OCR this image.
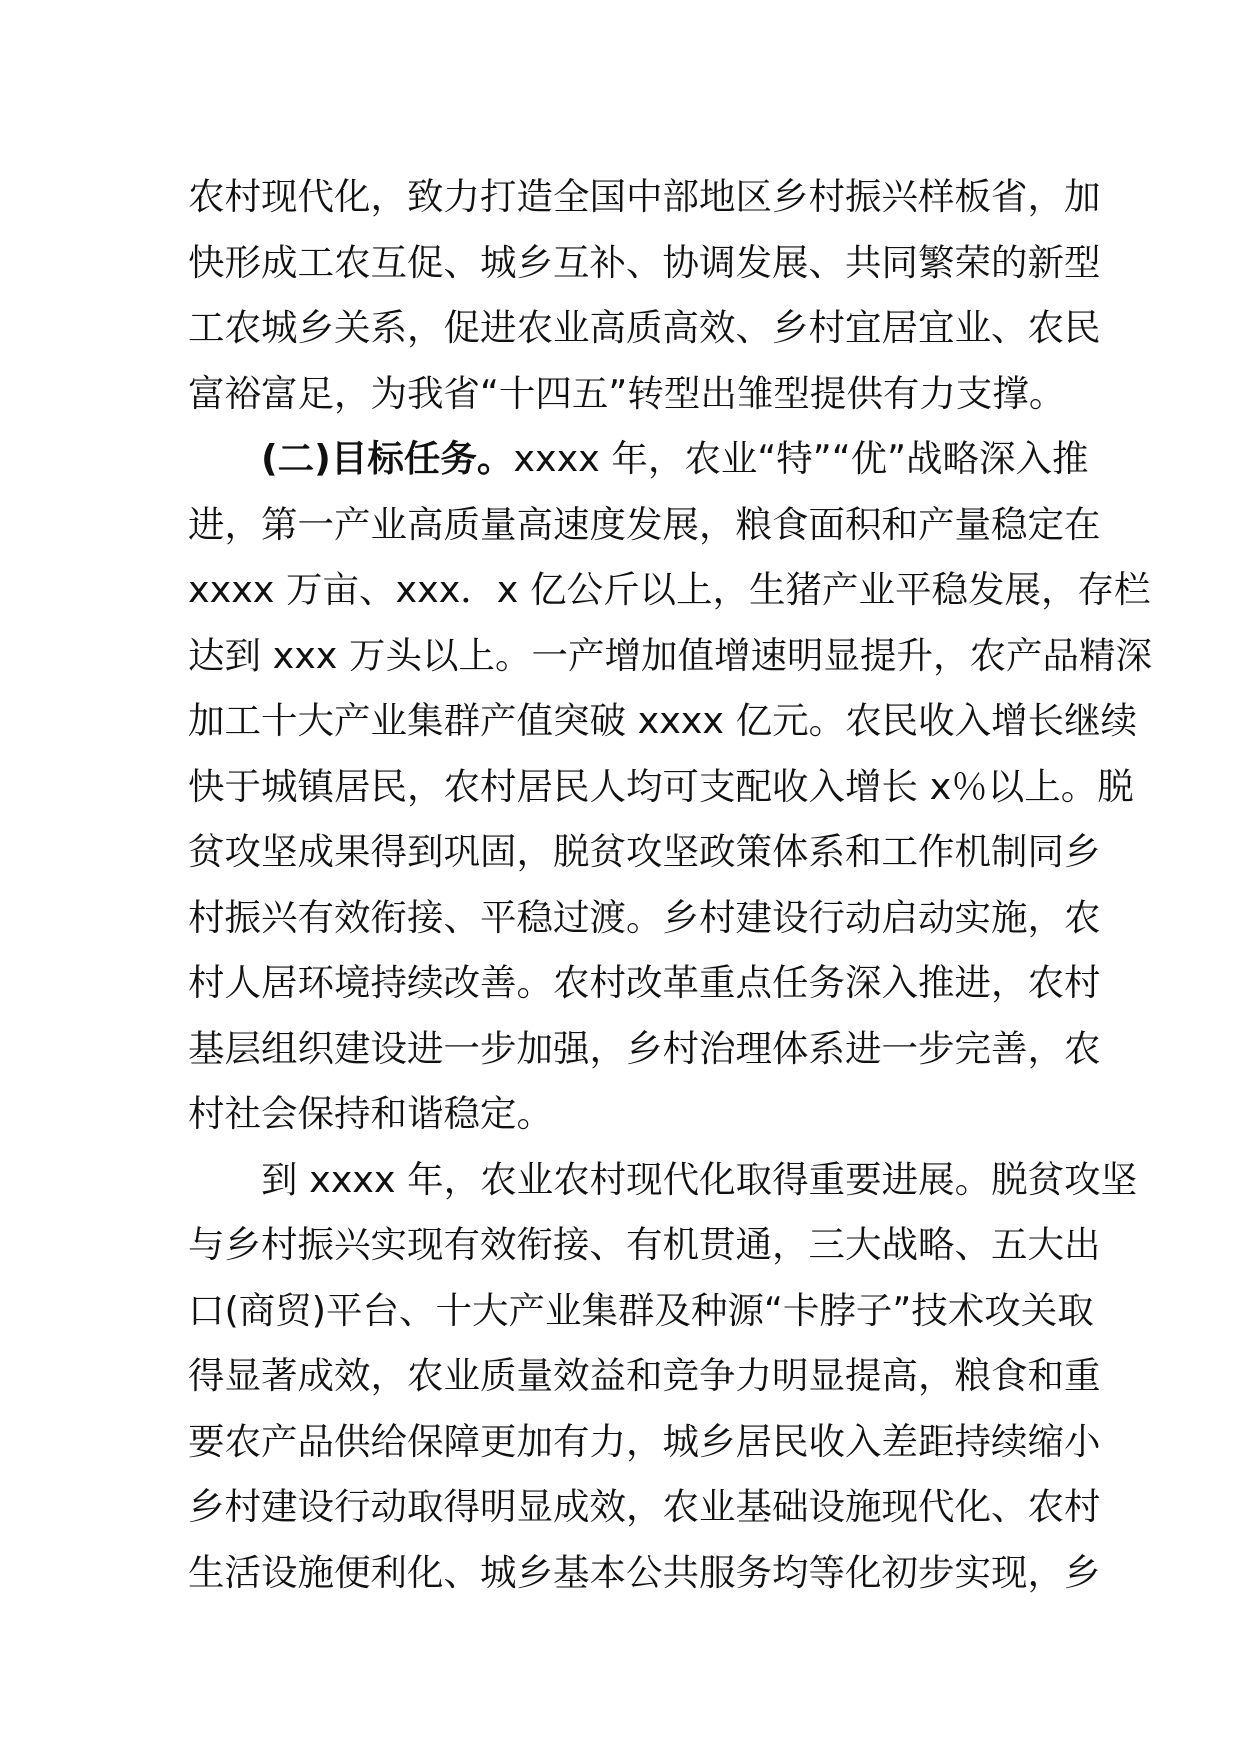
农村现代化，致力打造全国中部地区乡村振兴样板省，加
快形成工农互促、城乡互补、协调发展、共同繁荣的新型
工农城乡关系，促进农业高质高效、乡村宜居宜业、农民
富裕富足，为我省“十四五”转型出雏型提供有力支撑。
(二)目标任务。xxxx 年，农业“特”“优”战略深入推
进，第一产业高质量高速度发展，粮食面积和产量稳定在
xxxx 万亩、xxx．x 亿公斤以上，生猪产业平稳发展，存栏
达到 xxx 万头以上。一产增加值增速明显提升，农产品精深
加工十大产业集群产值突破 xxxx 亿元。农民收入增长继续
快于城镇居民，农村居民人均可支配收入增长 x％以上。脱
贫攻坚成果得到巩固，脱贫攻坚政策体系和工作机制同乡
村振兴有效衔接、平稳过渡。乡村建设行动启动实施，农
村人居环境持续改善。农村改革重点任务深入推进，农村
基层组织建设进一步加强，乡村治理体系进一步完善，农
村社会保持和谐稳定。
到 xxxx 年，农业农村现代化取得重要进展。脱贫攻坚
与乡村振兴实现有效衔接、有机贯通，三大战略、五大出
口(商贸)平台、十大产业集群及种源“卡脖子”技术攻关取
得显著成效，农业质量效益和竞争力明显提高，粮食和重
要农产品供给保障更加有力，城乡居民收入差距持续缩小
乡村建设行动取得明显成效，农业基础设施现代化、农村
生活设施便利化、城乡基本公共服务均等化初步实现，乡
